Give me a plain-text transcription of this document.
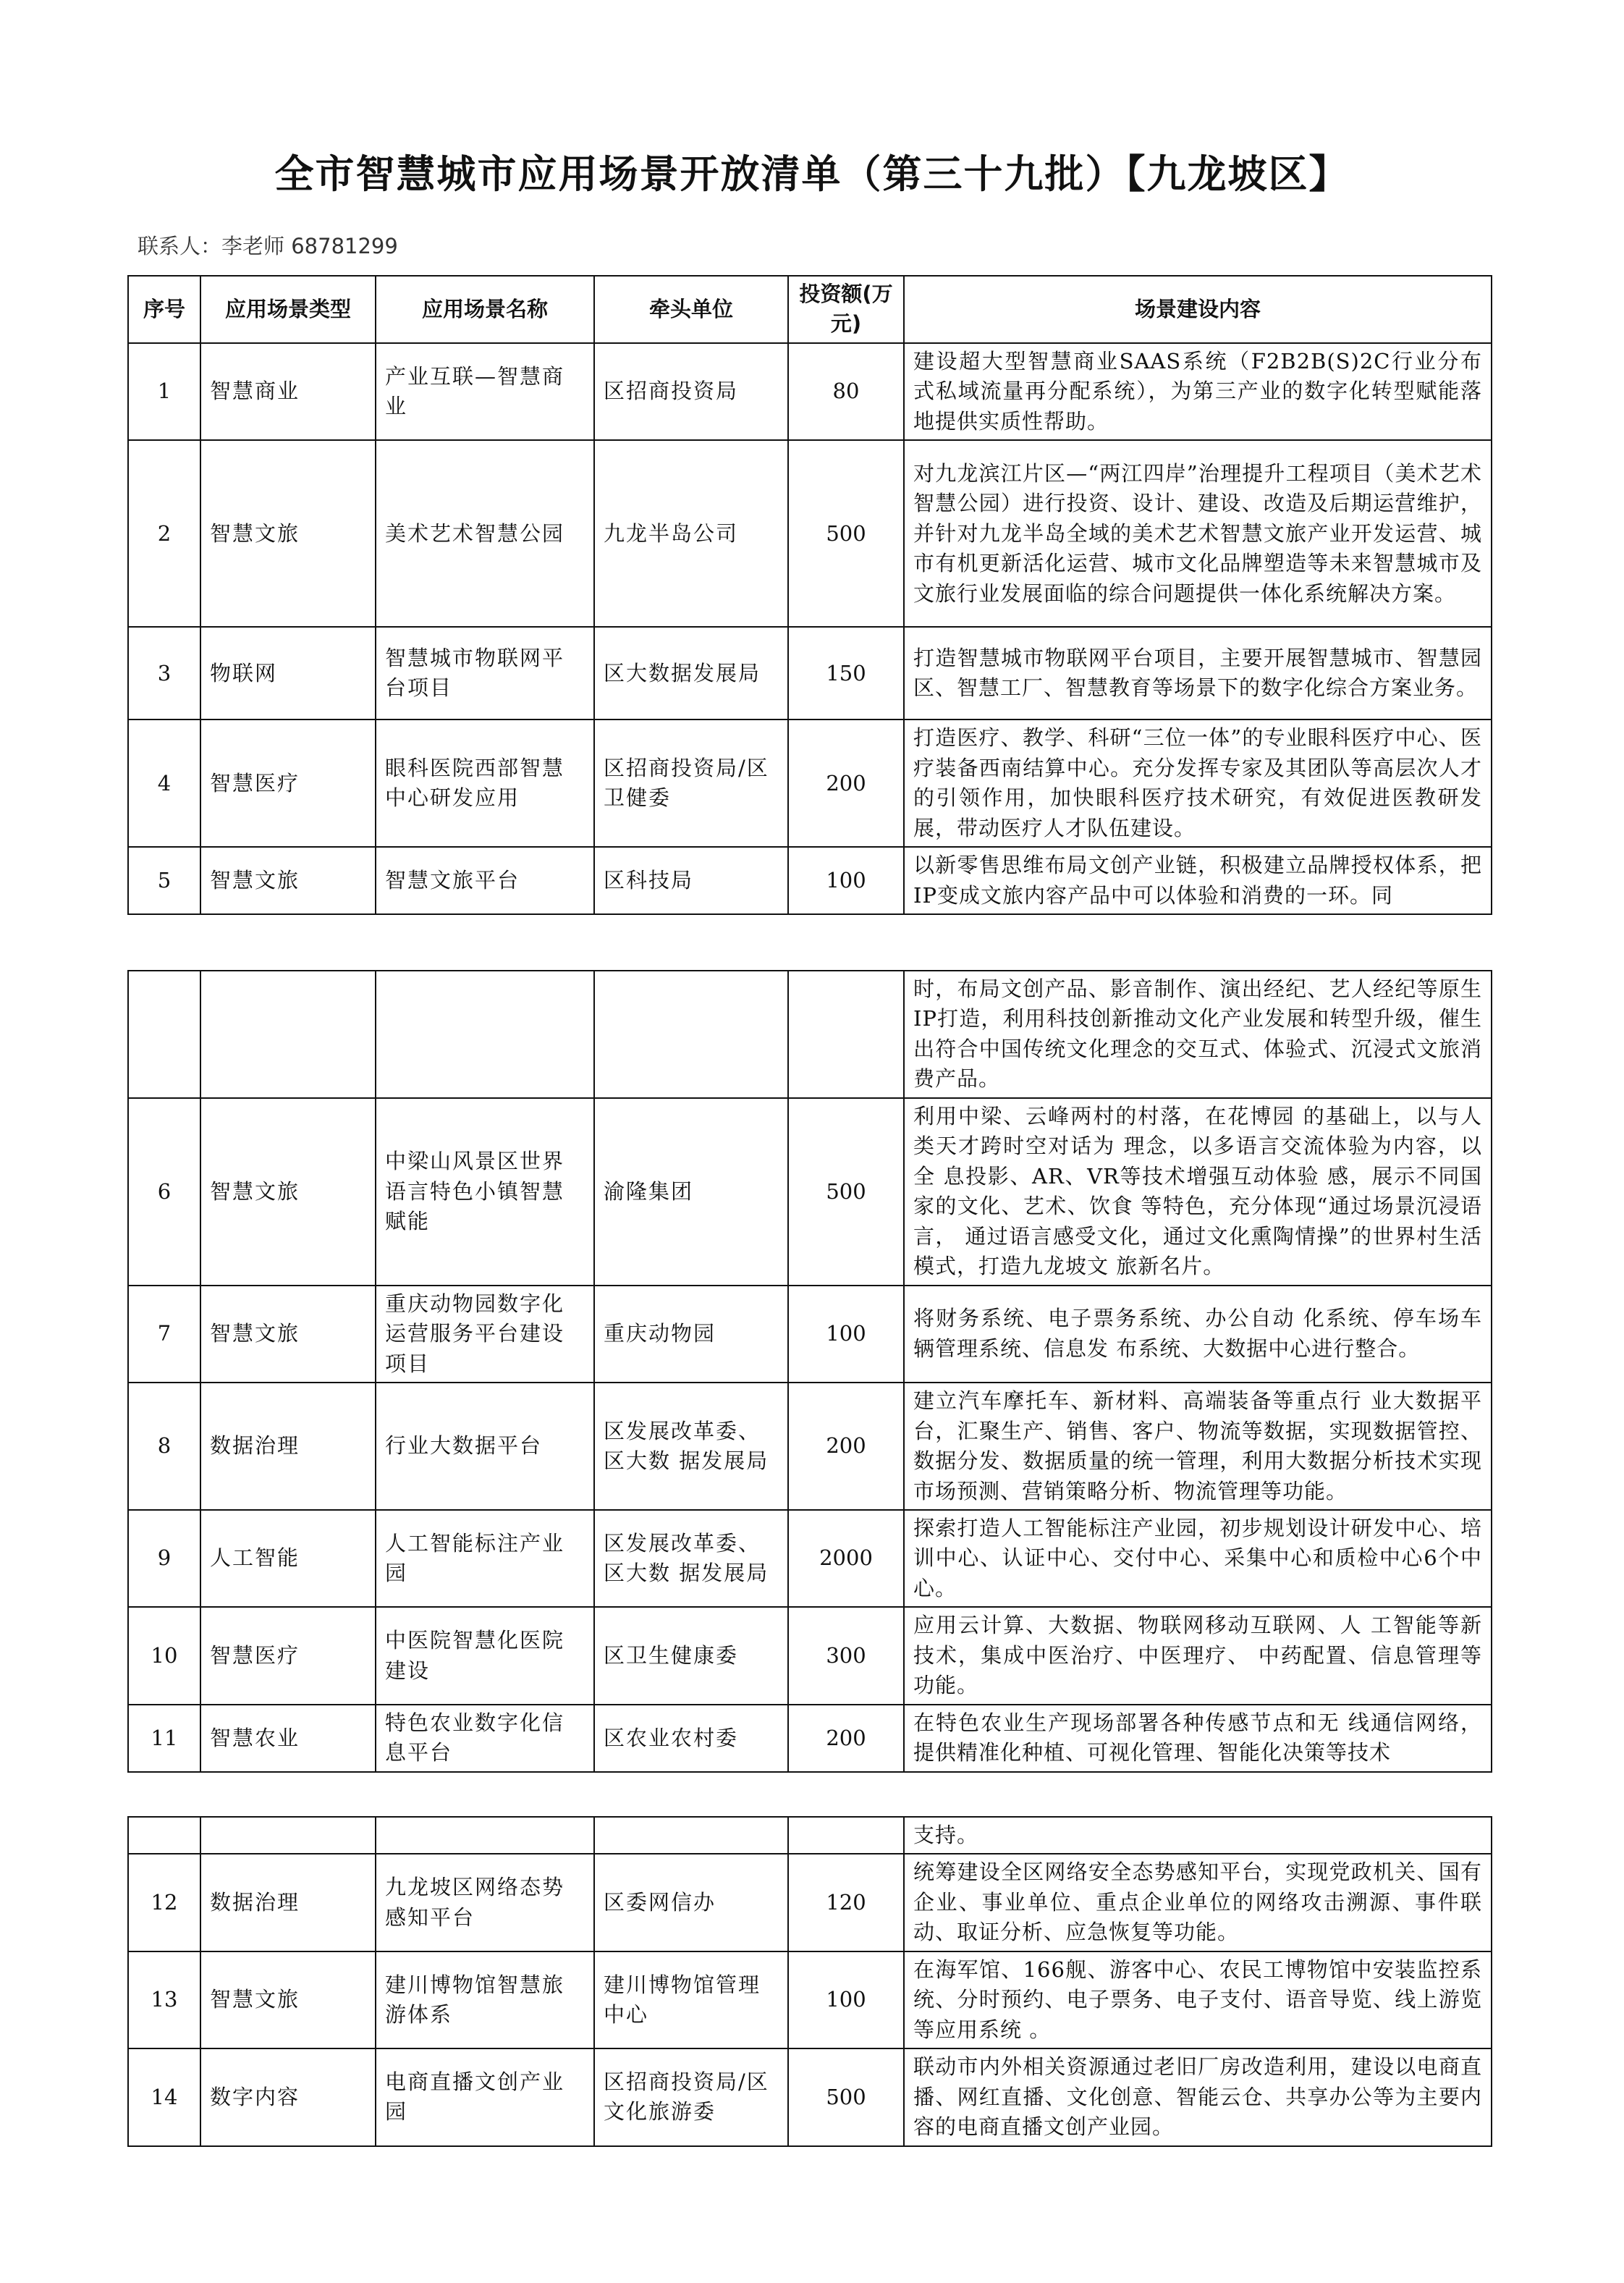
全市智慧城市应用场景开放清单（第三十九批）【九龙坡区】
联系人：李老师 68781299
序号	应用场景类型	应用场景名称	牵头单位	投资额(万元)	场景建设内容
1	智慧商业	产业互联—智慧商业	区招商投资局	80	建设超大型智慧商业SAAS系统（F2B2B(S)2C行业分布式私域流量再分配系统），为第三产业的数字化转型赋能落地提供实质性帮助。
2	智慧文旅	美术艺术智慧公园	九龙半岛公司	500	对九龙滨江片区—“两江四岸”治理提升工程项目（美术艺术智慧公园）进行投资、设计、建设、改造及后期运营维护，并针对九龙半岛全域的美术艺术智慧文旅产业开发运营、城市有机更新活化运营、城市文化品牌塑造等未来智慧城市及文旅行业发展面临的综合问题提供一体化系统解决方案。
3	物联网	智慧城市物联网平台项目	区大数据发展局	150	打造智慧城市物联网平台项目，主要开展智慧城市、智慧园区、智慧工厂、智慧教育等场景下的数字化综合方案业务。
4	智慧医疗	眼科医院西部智慧中心研发应用	区招商投资局/区卫健委	200	打造医疗、教学、科研“三位一体”的专业眼科医疗中心、医疗装备西南结算中心。充分发挥专家及其团队等高层次人才的引领作用，加快眼科医疗技术研究，有效促进医教研发展，带动医疗人才队伍建设。
5	智慧文旅	智慧文旅平台	区科技局	100	以新零售思维布局文创产业链，积极建立品牌授权体系，把IP变成文旅内容产品中可以体验和消费的一环。同
					时，布局文创产品、影音制作、演出经纪、艺人经纪等原生IP打造，利用科技创新推动文化产业发展和转型升级，催生出符合中国传统文化理念的交互式、体验式、沉浸式文旅消费产品。
6	智慧文旅	中梁山风景区世界语言特色小镇智慧赋能	渝隆集团	500	利用中梁、云峰两村的村落，在花博园 的基础上，以与人类天才跨时空对话为 理念，以多语言交流体验为内容，以全 息投影、AR、VR等技术增强互动体验 感，展示不同国家的文化、艺术、饮食 等特色，充分体现“通过场景沉浸语言， 通过语言感受文化，通过文化熏陶情操”的世界村生活模式，打造九龙坡文 旅新名片。
7	智慧文旅	重庆动物园数字化运营服务平台建设项目	重庆动物园	100	将财务系统、电子票务系统、办公自动 化系统、停车场车辆管理系统、信息发 布系统、大数据中心进行整合。
8	数据治理	行业大数据平台	区发展改革委、区大数 据发展局	200	建立汽车摩托车、新材料、高端装备等重点行 业大数据平台，汇聚生产、销售、客户、物流等数据，实现数据管控、数据分发、数据质量的统一管理，利用大数据分析技术实现市场预测、营销策略分析、物流管理等功能。
9	人工智能	人工智能标注产业园	区发展改革委、区大数 据发展局	2000	探索打造人工智能标注产业园，初步规划设计研发中心、培训中心、认证中心、交付中心、采集中心和质检中心6个中心。
10	智慧医疗	中医院智慧化医院建设	区卫生健康委	300	应用云计算、大数据、物联网移动互联网、人 工智能等新技术，集成中医治疗、中医理疗、 中药配置、信息管理等功能。
11	智慧农业	特色农业数字化信息平台	区农业农村委	200	在特色农业生产现场部署各种传感节点和无 线通信网络，提供精准化种植、可视化管理、智能化决策等技术
					支持。
12	数据治理	九龙坡区网络态势感知平台	区委网信办	120	统筹建设全区网络安全态势感知平台，实现党政机关、国有企业、事业单位、重点企业单位的网络攻击溯源、事件联动、取证分析、应急恢复等功能。
13	智慧文旅	建川博物馆智慧旅游体系	建川博物馆管理中心	100	在海军馆、166舰、游客中心、农民工博物馆中安装监控系统、分时预约、电子票务、电子支付、语音导览、线上游览等应用系统 。
14	数字内容	电商直播文创产业园	区招商投资局/区文化旅游委	500	联动市内外相关资源通过老旧厂房改造利用，建设以电商直播、网红直播、文化创意、智能云仓、共享办公等为主要内容的电商直播文创产业园。
